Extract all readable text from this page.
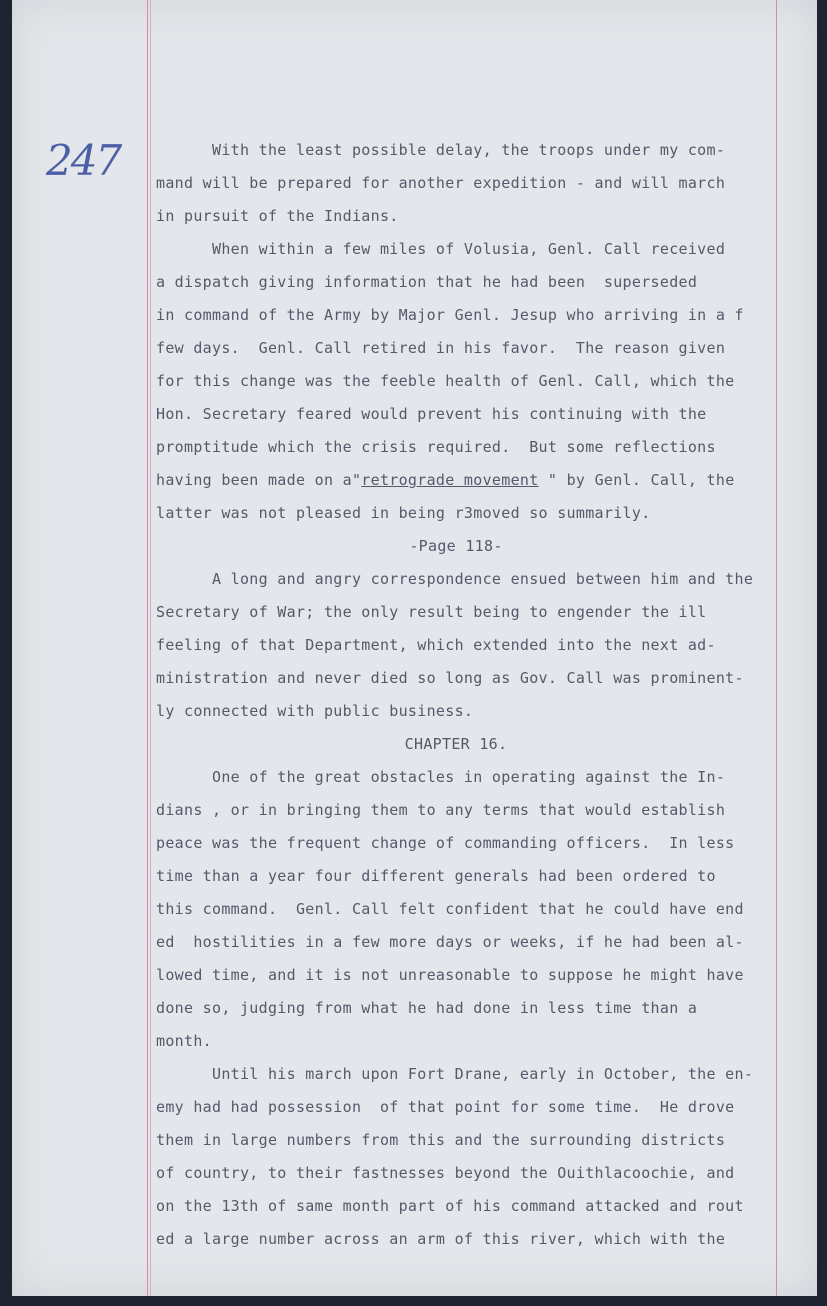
247 With the least possible delay, the troops under my com-
mand will be prepared for another expedition - and will march
in pursuit of the Indians.
When within a few miles of Volusia, Genl. Call received
a dispatch giving information that he had been  superseded
in command of the Army by Major Genl. Jesup who arriving in a f
few days.  Genl. Call retired in his favor.  The reason given
for this change was the feeble health of Genl. Call, which the
Hon. Secretary feared would prevent his continuing with the
promptitude which the crisis required.  But some reflections
having been made on a"retrograde movement " by Genl. Call, the
latter was not pleased in being r3moved so summarily.
-Page 118-
A long and angry correspondence ensued between him and the
Secretary of War; the only result being to engender the ill
feeling of that Department, which extended into the next ad-
ministration and never died so long as Gov. Call was prominent-
ly connected with public business.
CHAPTER 16.
One of the great obstacles in operating against the In-
dians , or in bringing them to any terms that would establish
peace was the frequent change of commanding officers.  In less
time than a year four different generals had been ordered to
this command.  Genl. Call felt confident that he could have end
ed  hostilities in a few more days or weeks, if he had been al-
lowed time, and it is not unreasonable to suppose he might have
done so, judging from what he had done in less time than a
month.
Until his march upon Fort Drane, early in October, the en-
emy had had possession  of that point for some time.  He drove
them in large numbers from this and the surrounding districts
of country, to their fastnesses beyond the Ouithlacoochie, and
on the 13th of same month part of his command attacked and rout
ed a large number across an arm of this river, which with the
